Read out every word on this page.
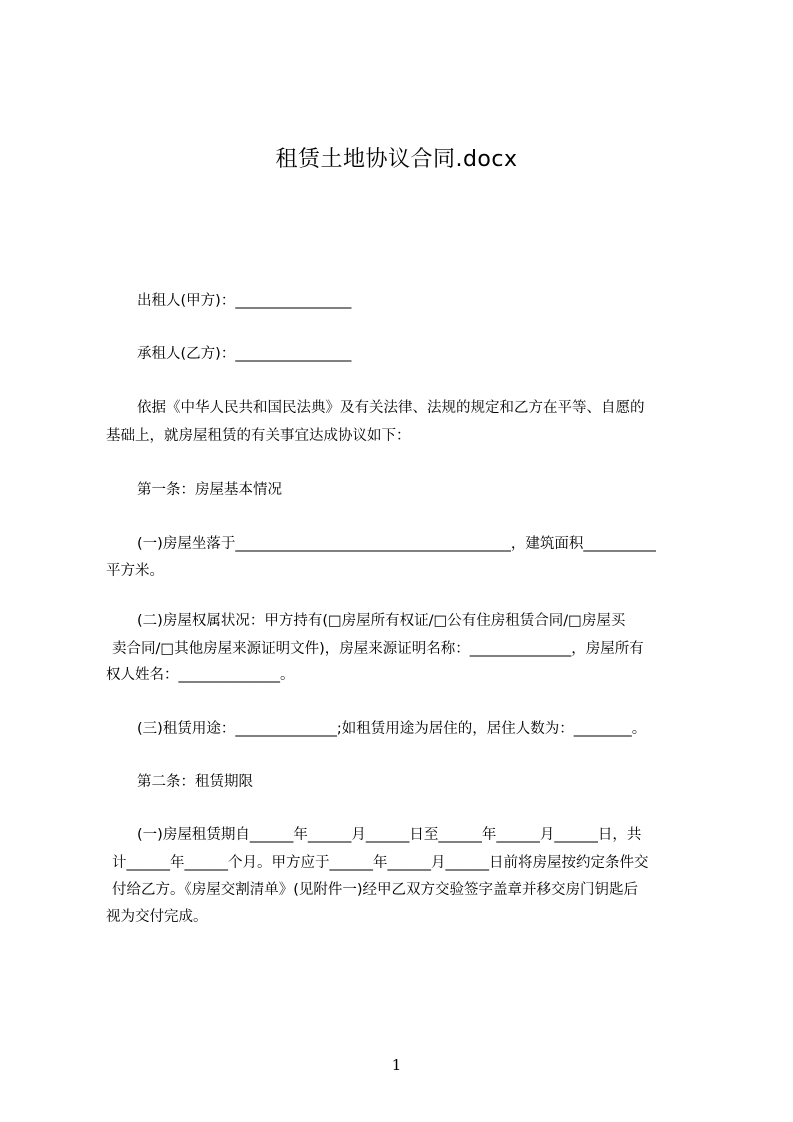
租赁土地协议合同.docx
出租人(甲方)：________________
承租人(乙方)：________________
依据《中华人民共和国民法典》及有关法律、法规的规定和乙方在平等、自愿的
基础上，就房屋租赁的有关事宜达成协议如下：
第一条：房屋基本情况
(一)房屋坐落于______________________________________，建筑面积__________
平方米。
(二)房屋权属状况：甲方持有(□房屋所有权证/□公有住房租赁合同/□房屋买
卖合同/□其他房屋来源证明文件)，房屋来源证明名称：______________，房屋所有
权人姓名：______________。
(三)租赁用途：______________;如租赁用途为居住的，居住人数为：________。
第二条：租赁期限
(一)房屋租赁期自______年______月______日至______年______月______日，共
计______年______个月。甲方应于______年______月______日前将房屋按约定条件交
付给乙方。《房屋交割清单》(见附件一)经甲乙双方交验签字盖章并移交房门钥匙后
视为交付完成。
1
